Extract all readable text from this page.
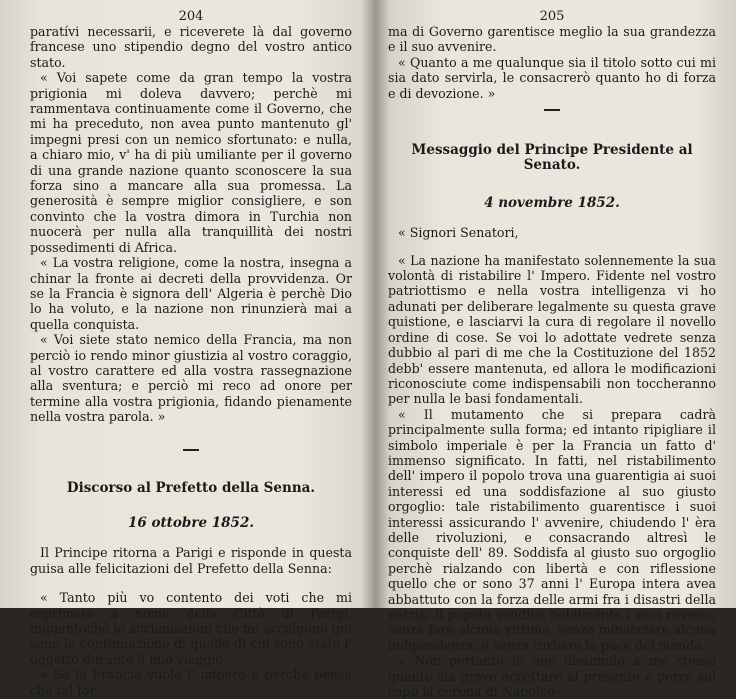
204

paratívi necessarii, e riceverete là dal governo francese uno stipendio degno del vostro antico stato.

« Voi sapete come da gran tempo la vostra prigionia mi doleva davvero; perchè mi rammentava continuamente come il Governo, che mi ha preceduto, non avea punto mantenuto gl' impegni presi con un nemico sfortunato: e nulla, a chiaro mio, v' ha di più umiliante per il governo di una grande nazione quanto sconoscere la sua forza sino a mancare alla sua promessa. La generosità è sempre miglior consigliere, e son convinto che la vostra dimora in Turchia non nuocerà per nulla alla tranquillità dei nostri possedimenti di Africa.

« La vostra religione, come la nostra, insegna a chinar la fronte ai decreti della provvidenza. Or se la Francia è signora dell' Algeria è perchè Dio lo ha voluto, e la nazione non rinunzierà mai a quella conquista.

« Voi siete stato nemico della Francia, ma non perciò io rendo minor giustizia al vostro coraggio, al vostro carattere ed alla vostra rassegnazione alla sventura; e perciò mi reco ad onore per termine alla vostra prigionia, fidando pienamente nella vostra parola. »

Discorso al Prefetto della Senna.
16 ottobre 1852.

Il Principe ritorna a Parigi e risponde in questa guisa alle felicitazioni del Prefetto della Senna:

« Tanto più vo contento dei voti che mi esprimete a nome della Città di Parigi, inquantochè le acclamazioni che mi accolgono qui sono la continuazione di quelle di cui sono stato l' oggetto durante il mio viaggio.

« Se la Francia vuole l' impero è perchè pensa che tal for-

205

ma di Governo garentisce meglio la sua grandezza e il suo avvenire.

« Quanto a me qualunque sia il titolo sotto cui mi sia dato servirla, le consacrerò quanto ho di forza e di devozione. »

Messaggio del Principe Presidente al Senato.
4 novembre 1852.

« Signori Senatori,

« La nazione ha manifestato solennemente la sua volontà di ristabilire l' Impero. Fidente nel vostro patriottismo e nella vostra intelligenza vi ho adunati per deliberare legalmente su questa grave quistione, e lasciarvi la cura di regolare il novello ordine di cose. Se voi lo adottate vedrete senza dubbio al pari di me che la Costituzione del 1852 debb' essere mantenuta, ed allora le modificazioni riconosciute come indispensabili non toccheranno per nulla le basi fondamentali.

« Il mutamento che si prepara cadrà principalmente sulla forma; ed intanto ripigliare il simbolo imperiale è per la Francia un fatto d' immenso significato. In fatti, nel ristabilimento dell' impero il popolo trova una guarentigia ai suoi interessi ed una soddisfazione al suo giusto orgoglio: tale ristabilimento guarentisce i suoi interessi assicurando l' avvenire, chiudendo l' èra delle rivoluzioni, e consacrando altresì le conquiste dell' 89. Soddisfa al giusto suo orgoglio perchè rialzando con libertà e con riflessione quello che or sono 37 anni l' Europa intera avea abbattuto con la forza delle armi fra i disastri della patria, il popolo vendica nobilmente i suoi rovesci, senza fare alcuna vittima, senza minacciare alcuna indipendenza, e senza turbare la pace del mondo.

« Non pertanto io non dissimulo a me stesso quanto sia grave accettare al presente e porre sul capo la corona di Napoleo-
